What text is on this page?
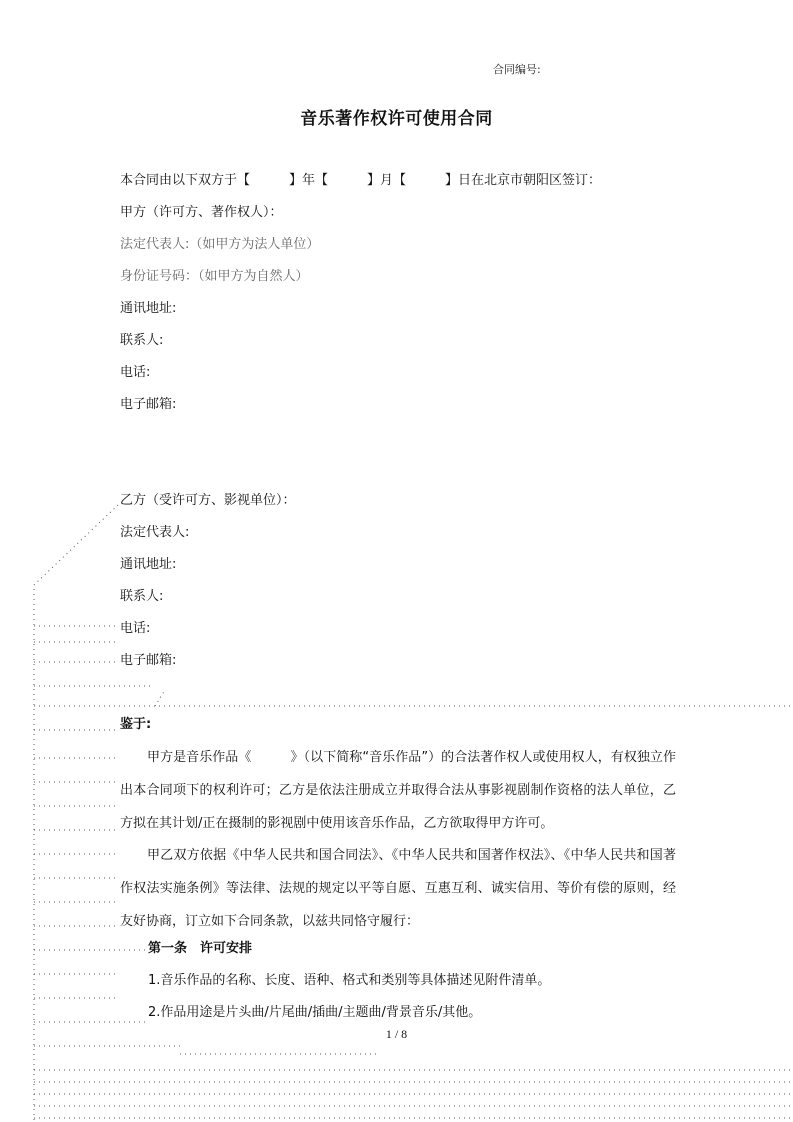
合同编号:
音乐著作权许可使用合同
本合同由以下双方于【　　　】年【　　　】月【　　　】日在北京市朝阳区签订：
甲方（许可方、著作权人）：
法定代表人:（如甲方为法人单位）
身份证号码：（如甲方为自然人）
通讯地址:
联系人:
电话:
电子邮箱:
乙方（受许可方、影视单位）：
法定代表人:
通讯地址:
联系人:
电话:
电子邮箱:
鉴于:
甲方是音乐作品《　　　》（以下简称“音乐作品”）的合法著作权人或使用权人，有权独立作出本合同项下的权利许可；乙方是依法注册成立并取得合法从事影视剧制作资格的法人单位，乙方拟在其计划/正在摄制的影视剧中使用该音乐作品，乙方欲取得甲方许可。
甲乙双方依据《中华人民共和国合同法》、《中华人民共和国著作权法》、《中华人民共和国著作权法实施条例》等法律、法规的规定以平等自愿、互惠互利、诚实信用、等价有偿的原则，经友好协商，订立如下合同条款，以兹共同恪守履行：
第一条　许可安排
1.音乐作品的名称、长度、语种、格式和类别等具体描述见附件清单。
2.作品用途是片头曲/片尾曲/插曲/主题曲/背景音乐/其他。
1 / 8
